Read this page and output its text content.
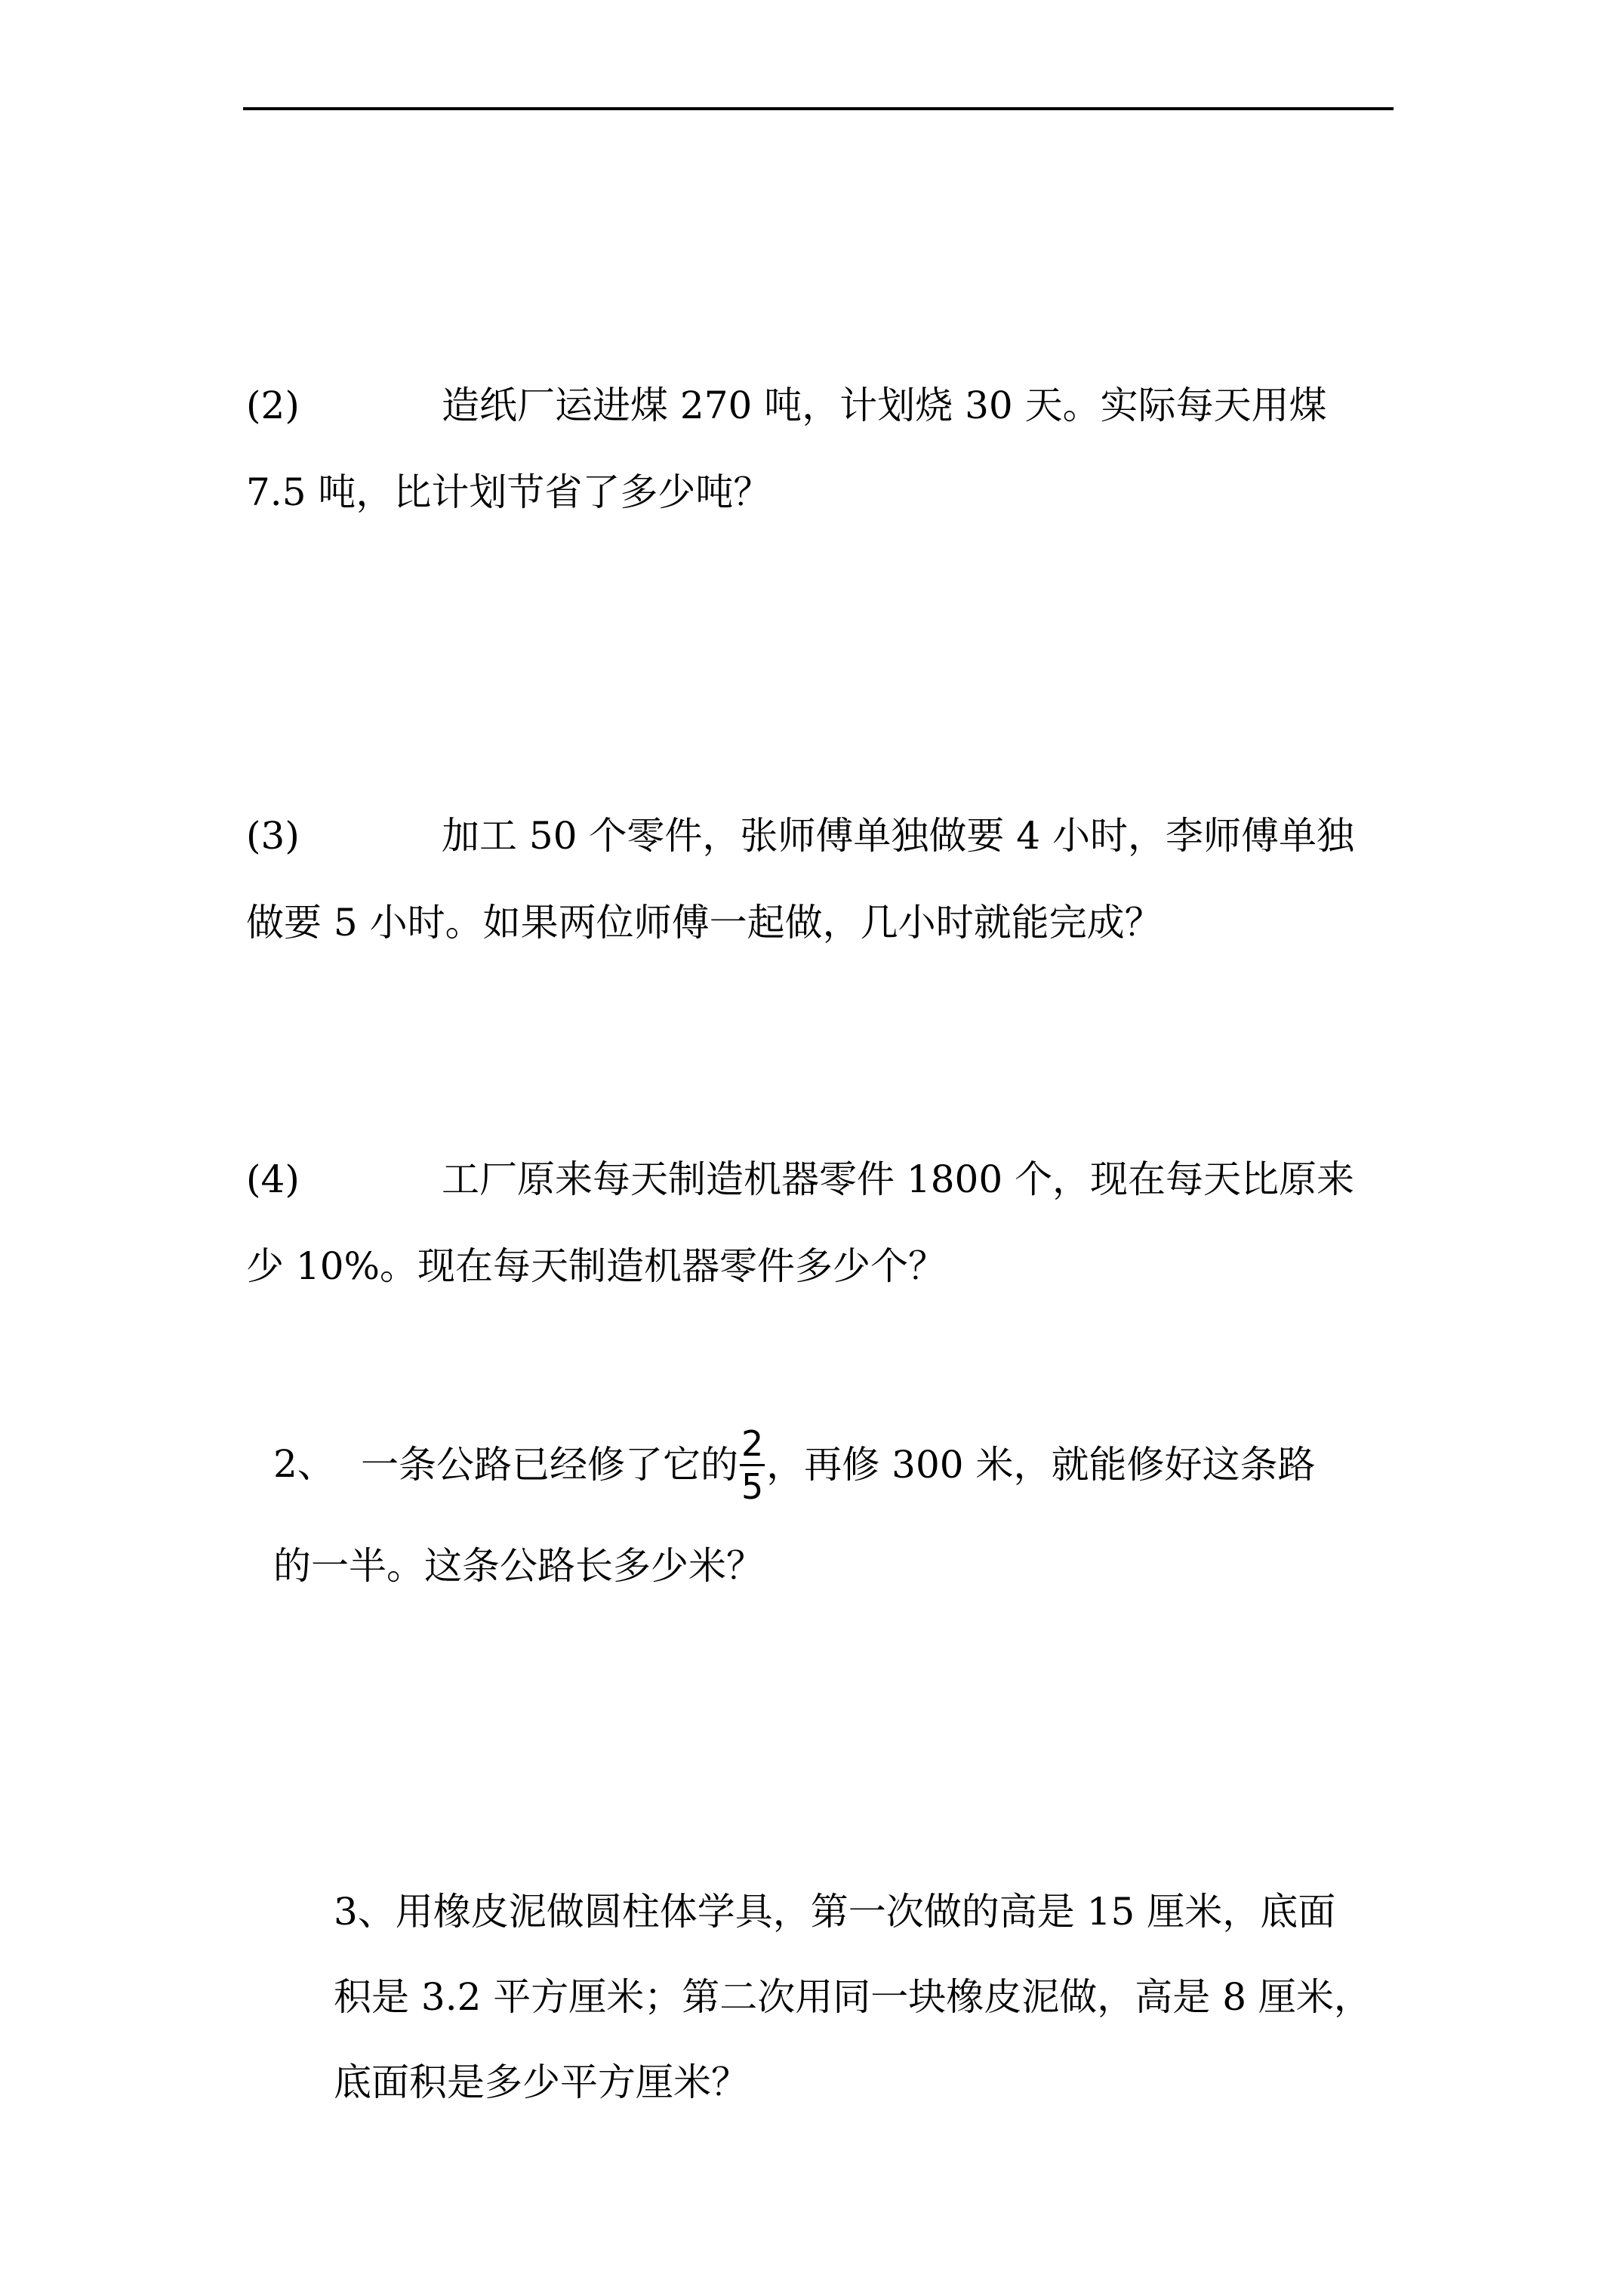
(2)	造纸厂运进煤 270 吨，计划烧 30 天。实际每天用煤
7.5 吨，比计划节省了多少吨？
(3)	加工 50 个零件，张师傅单独做要 4 小时，李师傅单独
做要 5 小时。如果两位师傅一起做，几小时就能完成？
(4)	工厂原来每天制造机器零件 1800 个，现在每天比原来
少 10%。现在每天制造机器零件多少个？
2、 一条公路已经修了它的 $\frac{2}{5}$ ，再修 300 米，就能修好这条路
的一半。这条公路长多少米？
3、用橡皮泥做圆柱体学具，第一次做的高是 15 厘米，底面
积是 3.2 平方厘米；第二次用同一块橡皮泥做，高是 8 厘米，
底面积是多少平方厘米？
